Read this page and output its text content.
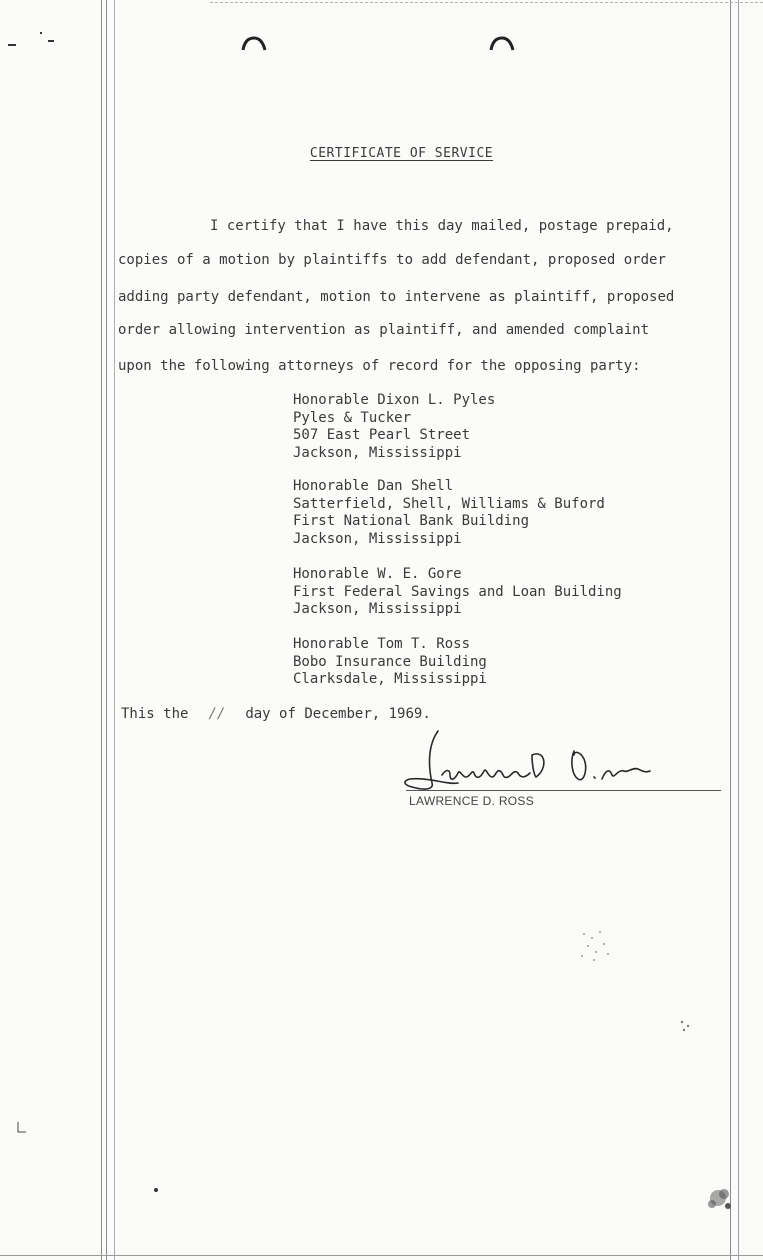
CERTIFICATE OF SERVICE
I certify that I have this day mailed, postage prepaid,
copies of a motion by plaintiffs to add defendant, proposed order
adding party defendant, motion to intervene as plaintiff, proposed
order allowing intervention as plaintiff, and amended complaint
upon the following attorneys of record for the opposing party:
Honorable Dixon L. Pyles
Pyles & Tucker
507 East Pearl Street
Jackson, Mississippi
Honorable Dan Shell
Satterfield, Shell, Williams & Buford
First National Bank Building
Jackson, Mississippi
Honorable W. E. Gore
First Federal Savings and Loan Building
Jackson, Mississippi
Honorable Tom T. Ross
Bobo Insurance Building
Clarksdale, Mississippi
This the // day of December, 1969.
LAWRENCE D. ROSS
